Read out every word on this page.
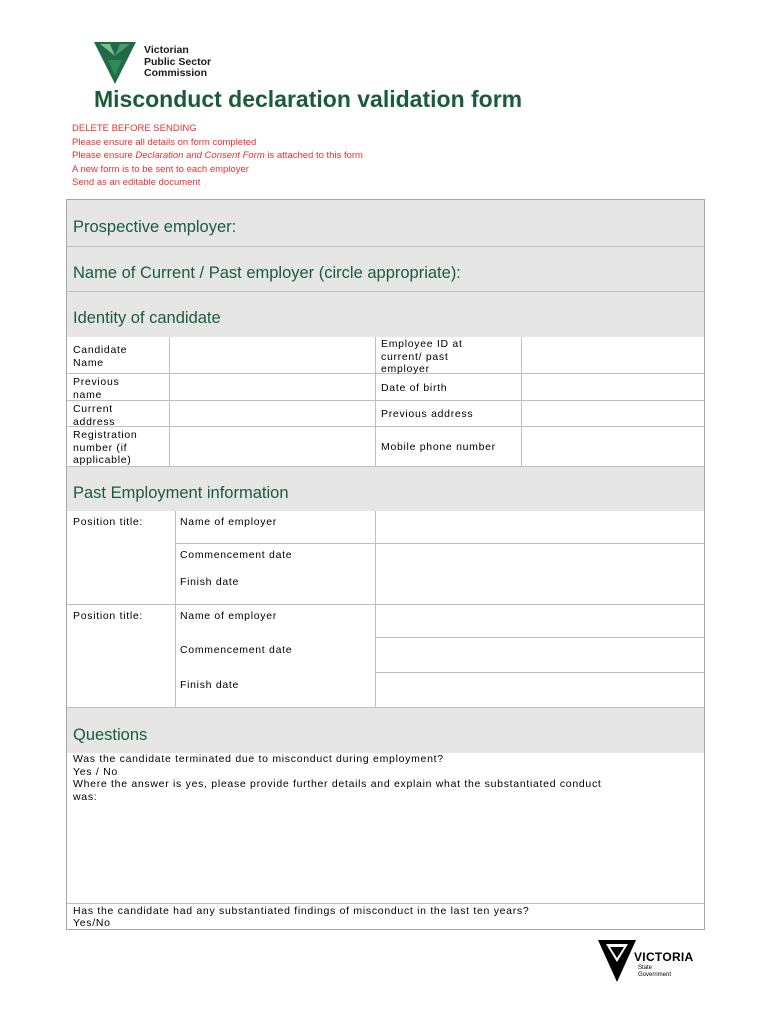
Victorian
Public Sector
Commission
Misconduct declaration validation form
DELETE BEFORE SENDING
Please ensure all details on form completed
Please ensure Declaration and Consent Form is attached to this form
A new form is to be sent to each employer
Send as an editable document
Prospective employer:
Name of Current / Past employer (circle appropriate):
Identity of candidate
Candidate
Name
Previous
name
Current
address
Registration
number (if
applicable)
Employee ID at
current/ past
employer
Date of birth
Previous address
Mobile phone number
Past Employment information
Position title:	Name of employer
Commencement date
Finish date
Position title:	Name of employer
Commencement date
Finish date
Questions
Was the candidate terminated due to misconduct during employment?
Yes / No
Where the answer is yes, please provide further details and explain what the substantiated conduct
was:
Has the candidate had any substantiated findings of misconduct in the last ten years?
Yes/No
VICTORIA
State
Government
